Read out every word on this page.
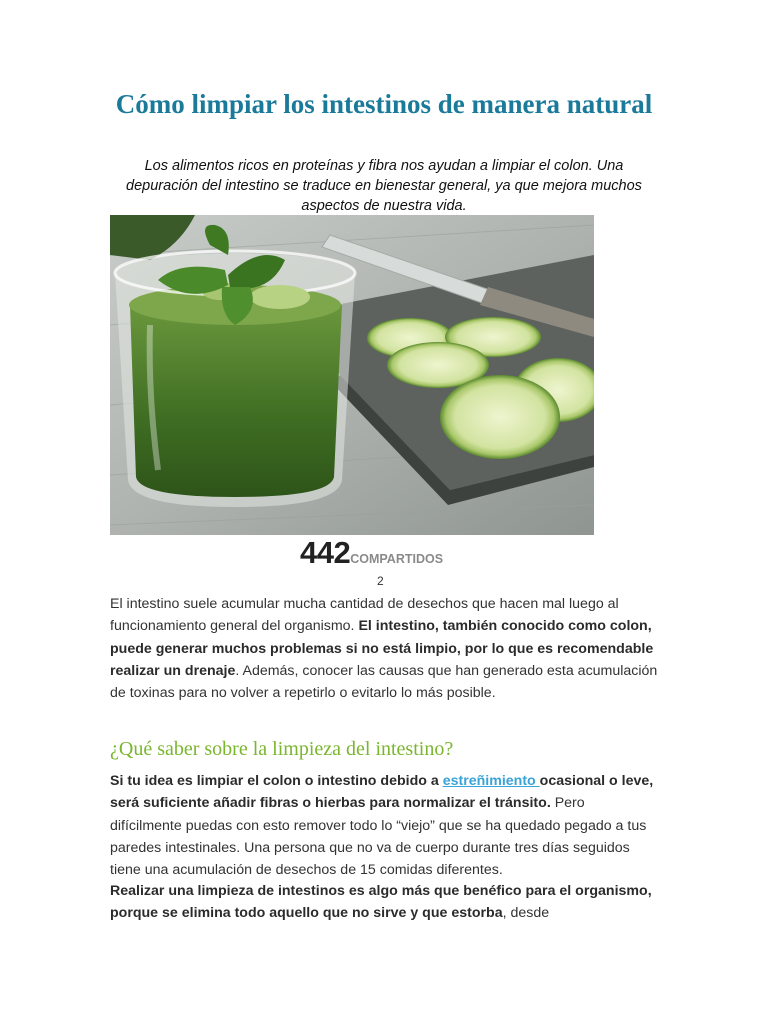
Cómo limpiar los intestinos de manera natural

Los alimentos ricos en proteínas y fibra nos ayudan a limpiar el colon. Una depuración del intestino se traduce en bienestar general, ya que mejora muchos aspectos de nuestra vida.

442COMPARTIDOS
2

El intestino suele acumular mucha cantidad de desechos que hacen mal luego al funcionamiento general del organismo. El intestino, también conocido como colon, puede generar muchos problemas si no está limpio, por lo que es recomendable realizar un drenaje. Además, conocer las causas que han generado esta acumulación de toxinas para no volver a repetirlo o evitarlo lo más posible.

¿Qué saber sobre la limpieza del intestino?

Si tu idea es limpiar el colon o intestino debido a estreñimiento ocasional o leve, será suficiente añadir fibras o hierbas para normalizar el tránsito. Pero difícilmente puedas con esto remover todo lo “viejo” que se ha quedado pegado a tus paredes intestinales. Una persona que no va de cuerpo durante tres días seguidos tiene una acumulación de desechos de 15 comidas diferentes.

Realizar una limpieza de intestinos es algo más que benéfico para el organismo, porque se elimina todo aquello que no sirve y que estorba, desde
